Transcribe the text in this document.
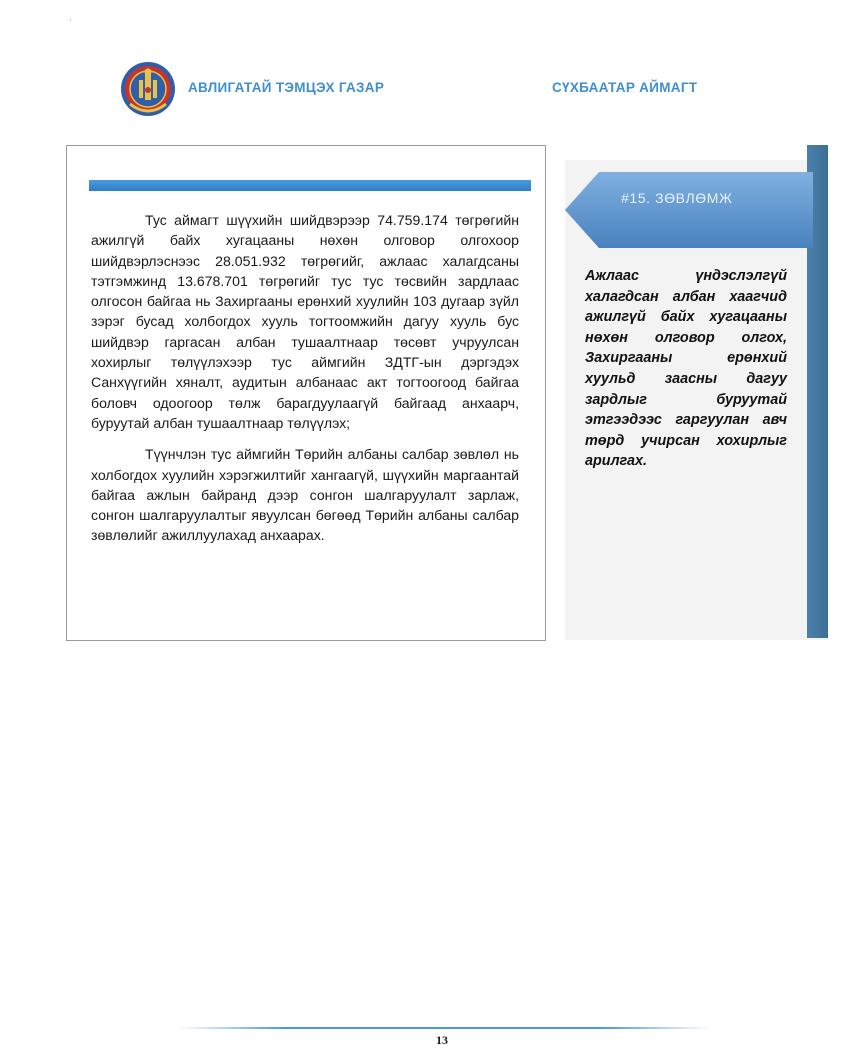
АВЛИГАТАЙ ТЭМЦЭХ ГАЗАР	СҮХБААТАР АЙМАГТ

Тус аймагт шүүхийн шийдвэрээр 74.759.174 төгрөгийн ажилгүй байх хугацааны нөхөн олговор олгохоор шийдвэрлэснээс 28.051.932 төгрөгийг, ажлаас халагдсаны тэтгэмжинд 13.678.701 төгрөгийг тус тус төсвийн зардлаас олгосон байгаа нь Захиргааны ерөнхий хуулийн 103 дугаар зүйл зэрэг бусад холбогдох хууль тогтоомжийн дагуу хууль бус шийдвэр гаргасан албан тушаалтнаар төсөвт учруулсан хохирлыг төлүүлэхээр тус аймгийн ЗДТГ-ын дэргэдэх Санхүүгийн хяналт, аудитын албанаас акт тогтоогоод байгаа боловч одоогоор төлж барагдуулаагүй байгаад анхаарч, буруутай албан тушаалтнаар төлүүлэх;

Түүнчлэн тус аймгийн Төрийн албаны салбар зөвлөл нь холбогдох хуулийн хэрэгжилтийг хангаагүй, шүүхийн маргаантай байгаа ажлын байранд дээр сонгон шалгаруулалт зарлаж, сонгон шалгаруулалтыг явуулсан бөгөөд Төрийн албаны салбар зөвлөлийг ажиллуулахад анхаарах.

#15. ЗӨВЛӨМЖ
Ажлаас үндэслэлгүй халагдсан албан хаагчид ажилгүй байх хугацааны нөхөн олговор олгох, Захиргааны ерөнхий хуульд заасны дагуу зардлыг буруутай этгээдээс гаргуулан авч төрд учирсан хохирлыг арилгах.
13
